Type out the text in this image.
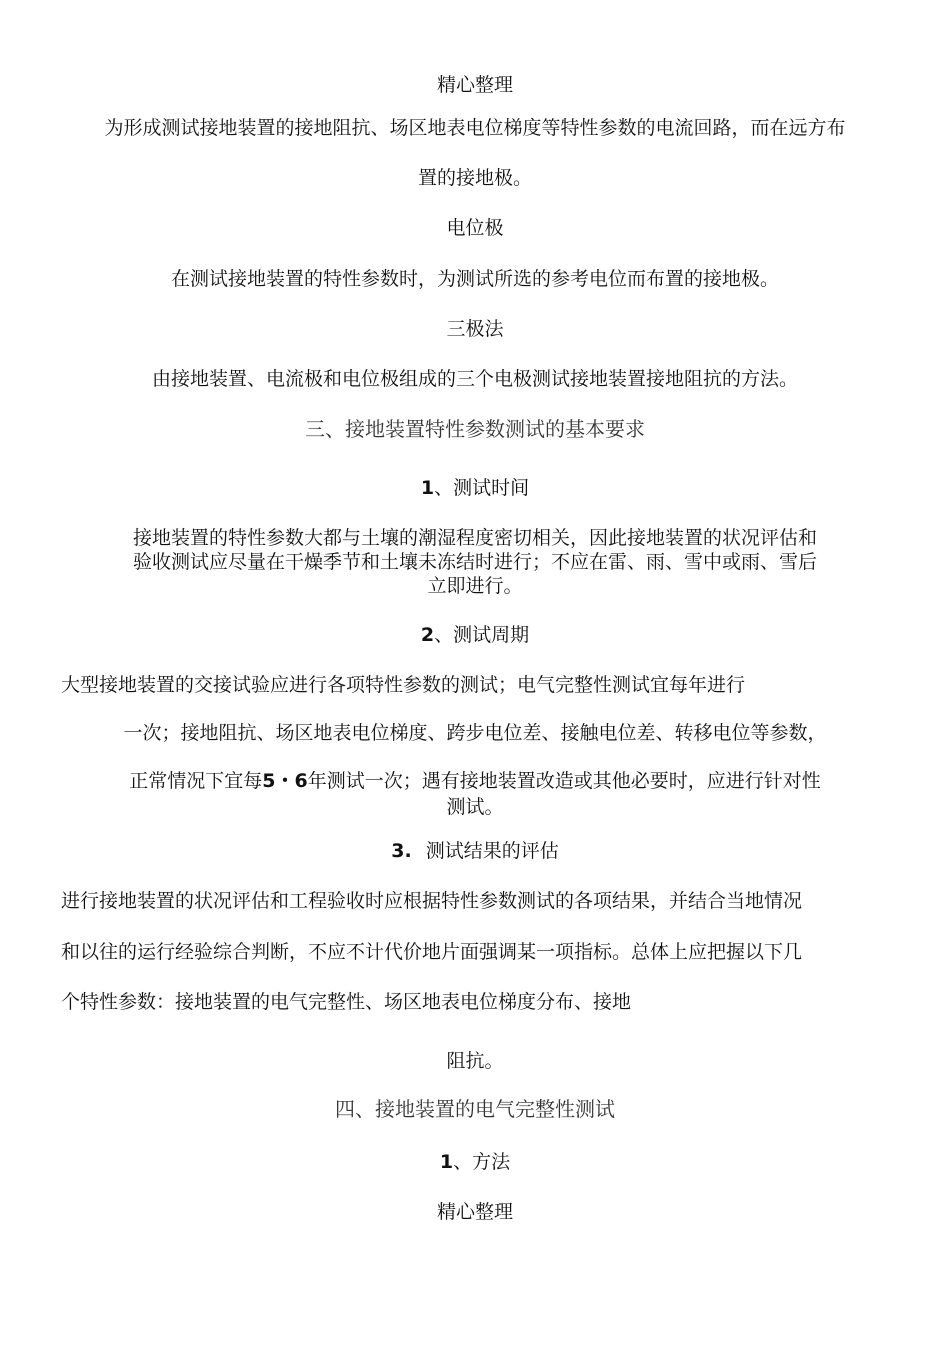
精心整理
为形成测试接地装置的接地阻抗、场区地表电位梯度等特性参数的电流回路，而在远方布
置的接地极。
电位极
在测试接地装置的特性参数时，为测试所选的参考电位而布置的接地极。
三极法
由接地装置、电流极和电位极组成的三个电极测试接地装置接地阻抗的方法。
三、接地装置特性参数测试的基本要求
1、测试时间
接地装置的特性参数大都与土壤的潮湿程度密切相关，因此接地装置的状况评估和
验收测试应尽量在干燥季节和土壤未冻结时进行；不应在雷、雨、雪中或雨、雪后
立即进行。
2、测试周期
大型接地装置的交接试验应进行各项特性参数的测试；电气完整性测试宜每年进行
一次；接地阻抗、场区地表电位梯度、跨步电位差、接触电位差、转移电位等参数，
正常情况下宜每5・6年测试一次；遇有接地装置改造或其他必要时，应进行针对性
测试。
3. 测试结果的评估
进行接地装置的状况评估和工程验收时应根据特性参数测试的各项结果，并结合当地情况
和以往的运行经验综合判断，不应不计代价地片面强调某一项指标。总体上应把握以下几
个特性参数：接地装置的电气完整性、场区地表电位梯度分布、接地
阻抗。
四、接地装置的电气完整性测试
1、方法
精心整理
